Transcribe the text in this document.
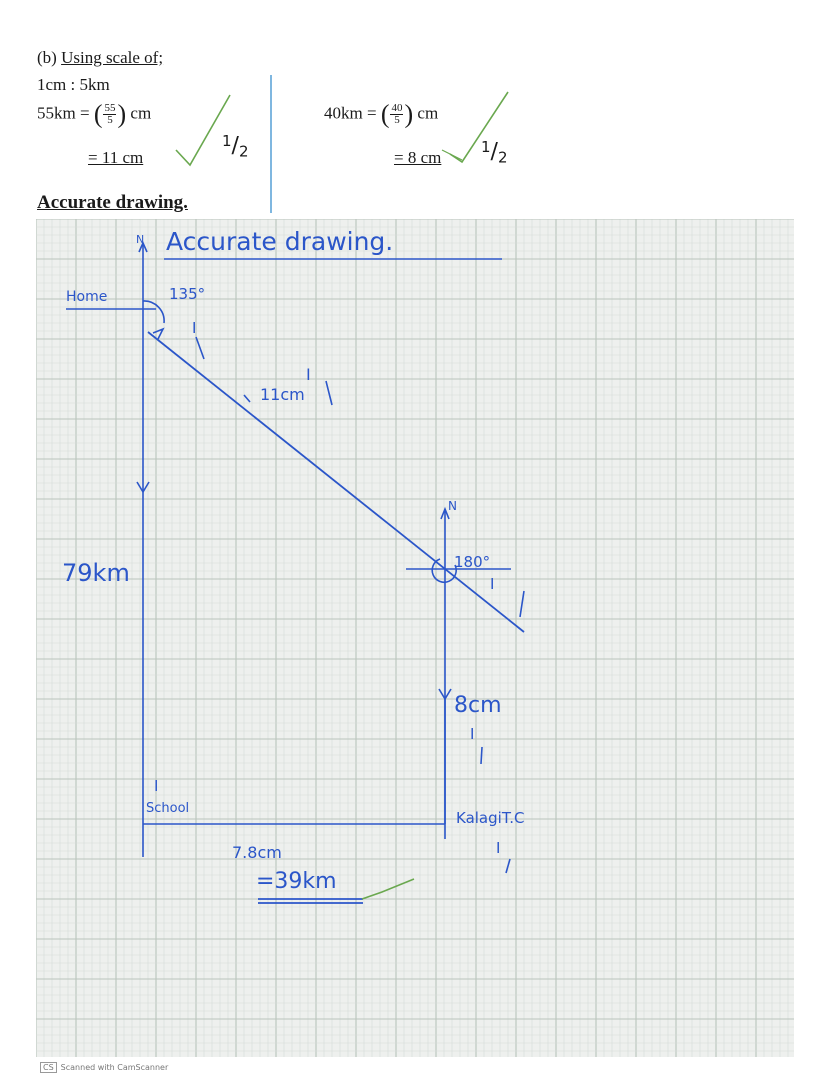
(b) Using scale of;
1cm : 5km
55km = ( $\frac{55}{5}$ ) cm
= 11 cm
$^1/_2$
40km = ( $\frac{40}{5}$ ) cm
= 8 cm
$^1/_2$
Accurate drawing.
Accurate drawing.
N
Home	135°
I
11cm
I
N
180°
I
8cm
I
79km
School
I
KalagiT.C
I
7.8cm
=39km
CS Scanned with CamScanner
